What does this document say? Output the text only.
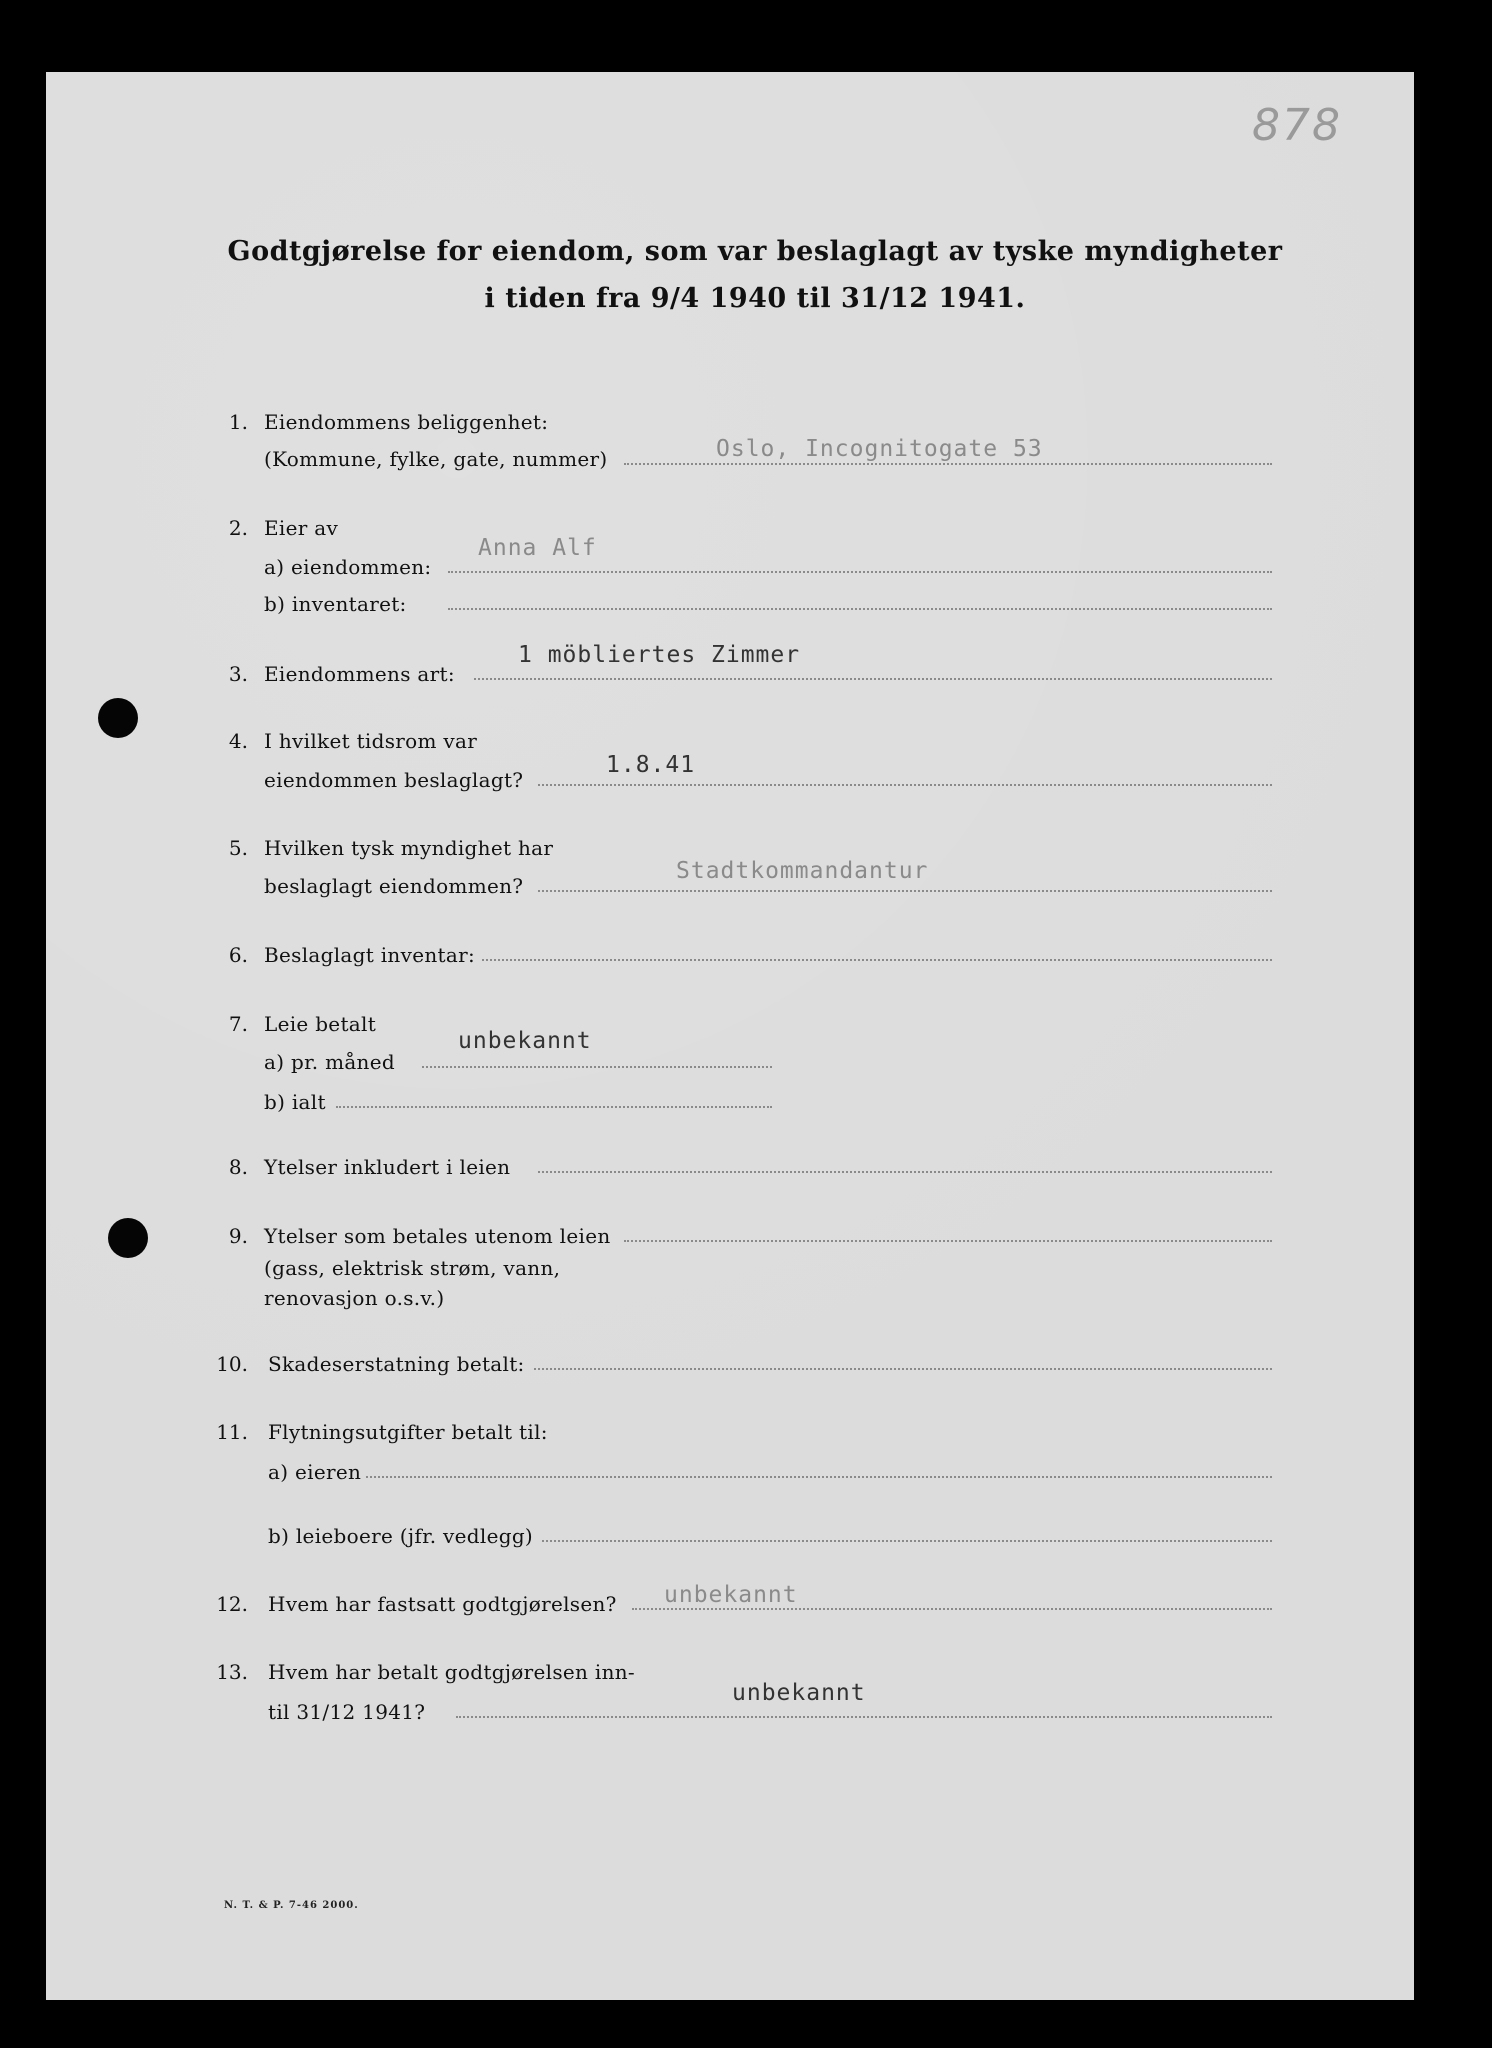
878
Godtgjørelse for eiendom, som var beslaglagt av tyske myndigheter
i tiden fra 9/4 1940 til 31/12 1941.
1. Eiendommens beliggenhet:
(Kommune, fylke, gate, nummer)	Oslo, Incognitogate 53
2. Eier av
a) eiendommen:
Anna Alf
b) inventaret:
3. Eiendommens art:
1 möbliertes Zimmer
4. I hvilket tidsrom var
eiendommen beslaglagt?
1.8.41
5. Hvilken tysk myndighet har
beslaglagt eiendommen?
Stadtkommandantur
6. Beslaglagt inventar:
7. Leie betalt
a) pr. måned
unbekannt
b) ialt
8. Ytelser inkludert i leien
9. Ytelser som betales utenom leien
(gass, elektrisk strøm, vann,
renovasjon o.s.v.)
10. Skadeserstatning betalt:
11. Flytningsutgifter betalt til:
a) eieren
b) leieboere (jfr. vedlegg)
12. Hvem har fastsatt godtgjørelsen? unbekannt
13. Hvem har betalt godtgjørelsen inn-
til 31/12 1941?
unbekannt
N. T. & P. 7-46 2000.
